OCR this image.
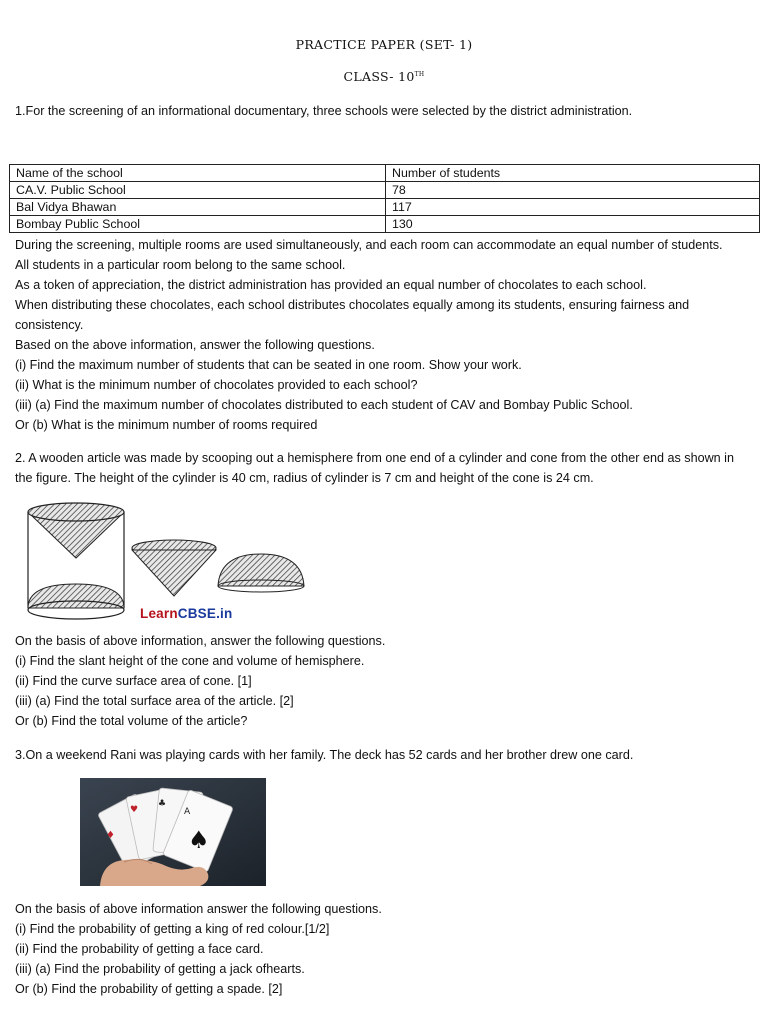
PRACTICE PAPER (SET- 1)
CLASS- 10TH
1.For the screening of an informational documentary, three schools were selected by the district administration.
Name of the school	Number of students
CA.V. Public School	78
Bal Vidya Bhawan	117
Bombay Public School	130
During the screening, multiple rooms are used simultaneously, and each room can accommodate an equal number of students.
All students in a particular room belong to the same school.
As a token of appreciation, the district administration has provided an equal number of chocolates to each school.
When distributing these chocolates, each school distributes chocolates equally among its students, ensuring fairness and
consistency.
Based on the above information, answer the following questions.
(i) Find the maximum number of students that can be seated in one room. Show your work.
(ii) What is the minimum number of chocolates provided to each school?
(iii) (a) Find the maximum number of chocolates distributed to each student of CAV and Bombay Public School.
Or (b) What is the minimum number of rooms required
2. A wooden article was made by scooping out a hemisphere from one end of a cylinder and cone from the other end as shown in the figure. The height of the cylinder is 40 cm, radius of cylinder is 7 cm and height of the cone is 24 cm.
LearnCBSE.in
On the basis of above information, answer the following questions.
(i) Find the slant height of the cone and volume of hemisphere.
(ii) Find the curve surface area of cone. [1]
(iii) (a) Find the total surface area of the article. [2]
Or (b) Find the total volume of the article?
3.On a weekend Rani was playing cards with her family. The deck has 52 cards and her brother drew one card.
♦
♥
♣
A
♠
On the basis of above information answer the following questions.
(i) Find the probability of getting a king of red colour.[1/2]
(ii) Find the probability of getting a face card.
(iii) (a) Find the probability of getting a jack ofhearts.
Or (b) Find the probability of getting a spade. [2]
